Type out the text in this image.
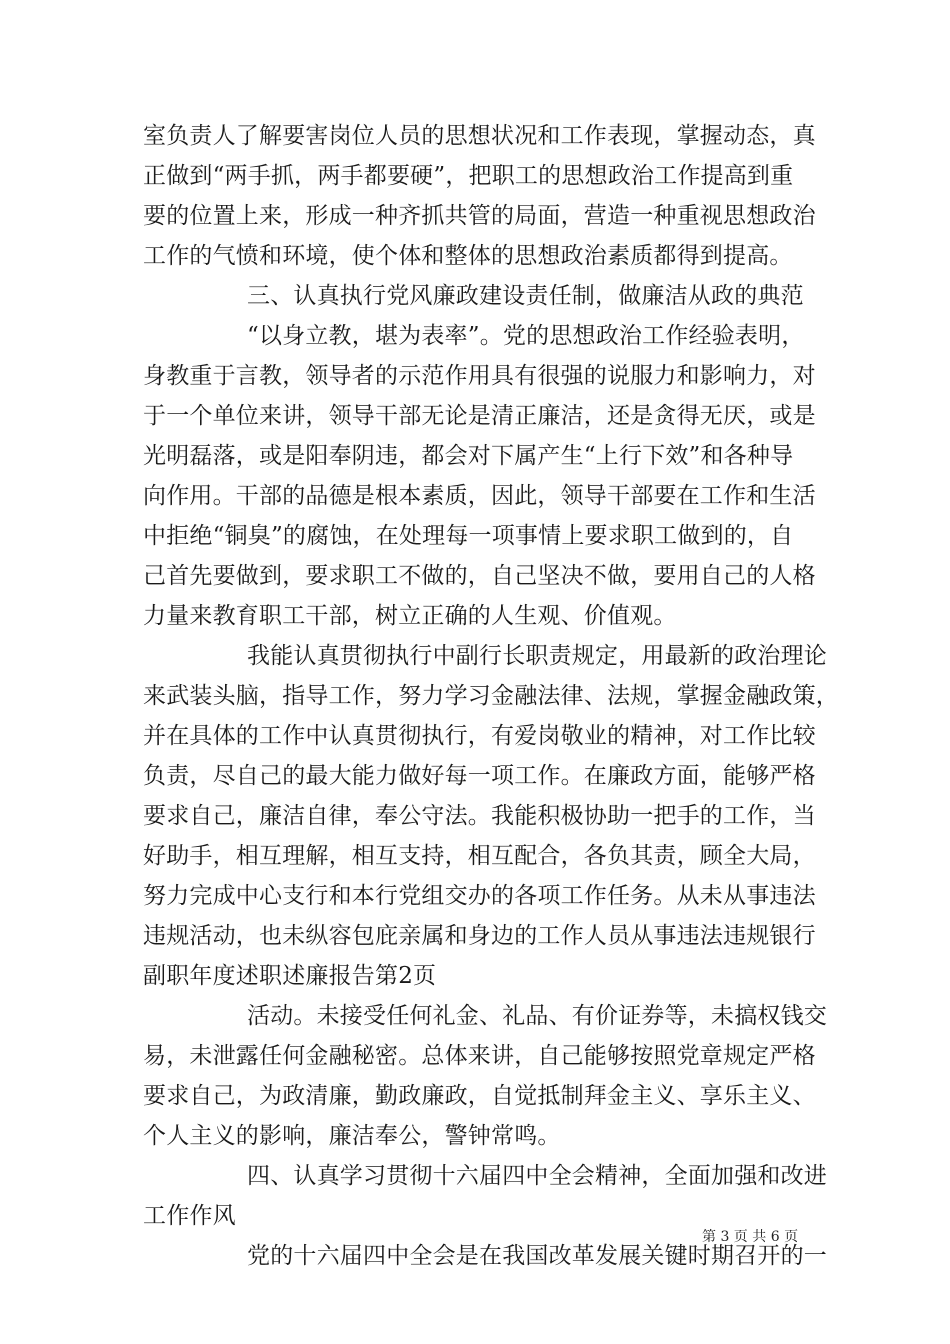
室负责人了解要害岗位人员的思想状况和工作表现，掌握动态，真
正做到“两手抓，两手都要硬”，把职工的思想政治工作提高到重
要的位置上来，形成一种齐抓共管的局面，营造一种重视思想政治
工作的气愤和环境，使个体和整体的思想政治素质都得到提高。
三、认真执行党风廉政建设责任制，做廉洁从政的典范
“以身立教，堪为表率”。党的思想政治工作经验表明，
身教重于言教，领导者的示范作用具有很强的说服力和影响力，对
于一个单位来讲，领导干部无论是清正廉洁，还是贪得无厌，或是
光明磊落，或是阳奉阴违，都会对下属产生“上行下效”和各种导
向作用。干部的品德是根本素质，因此，领导干部要在工作和生活
中拒绝“铜臭”的腐蚀，在处理每一项事情上要求职工做到的，自
己首先要做到，要求职工不做的，自己坚决不做，要用自己的人格
力量来教育职工干部，树立正确的人生观、价值观。
我能认真贯彻执行中副行长职责规定，用最新的政治理论
来武装头脑，指导工作，努力学习金融法律、法规，掌握金融政策，
并在具体的工作中认真贯彻执行，有爱岗敬业的精神，对工作比较
负责，尽自己的最大能力做好每一项工作。在廉政方面，能够严格
要求自己，廉洁自律，奉公守法。我能积极协助一把手的工作，当
好助手，相互理解，相互支持，相互配合，各负其责，顾全大局，
努力完成中心支行和本行党组交办的各项工作任务。从未从事违法
违规活动，也未纵容包庇亲属和身边的工作人员从事违法违规银行
副职年度述职述廉报告第2页
活动。未接受任何礼金、礼品、有价证券等，未搞权钱交
易，未泄露任何金融秘密。总体来讲，自己能够按照党章规定严格
要求自己，为政清廉，勤政廉政，自觉抵制拜金主义、享乐主义、
个人主义的影响，廉洁奉公，警钟常鸣。
四、认真学习贯彻十六届四中全会精神，全面加强和改进
工作作风
党的十六届四中全会是在我国改革发展关键时期召开的一
第 3 页 共 6 页
